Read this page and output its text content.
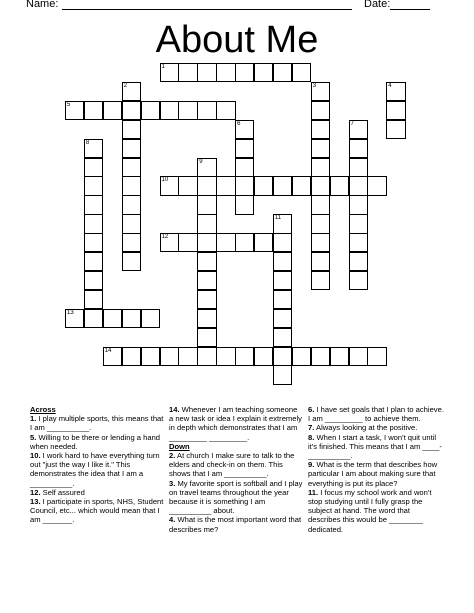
Name:	Date:
About Me
1
2	3	4
5
6	7
8
9
10
11
12
13
14
Across
1. I play multiple sports, this means that I am __________.
5. Willing to be there or lending a hand when needed.
10. I work hard to have everything turn out "just the way I like it." This demonstrates the idea that I am a __________.
12. Self assured
13. I participate in sports, NHS, Student Council, etc... which would mean that I am _______.
14. Whenever I am teaching someone a new task or idea I explain it extremely in depth which demonstrates that I am _________ _________.
Down
2. At church I make sure to talk to the elders and check-in on them. This shows that I am __________.
3. My favorite sport is softball and I play on travel teams throughout the year because it is something I am __________ about.
4. What is the most important word that describes me?
6. I have set goals that I plan to achieve. I am _________ to achieve them.
7. Always looking at the positive.
8. When I start a task, I won't quit until it's finished. This means that I am ____-__________.
9. What is the term that describes how particular I am about making sure that everything is put its place?
11. I focus my school work and won't stop studying until I fully grasp the subject at hand. The word that describes this would be ________ dedicated.
